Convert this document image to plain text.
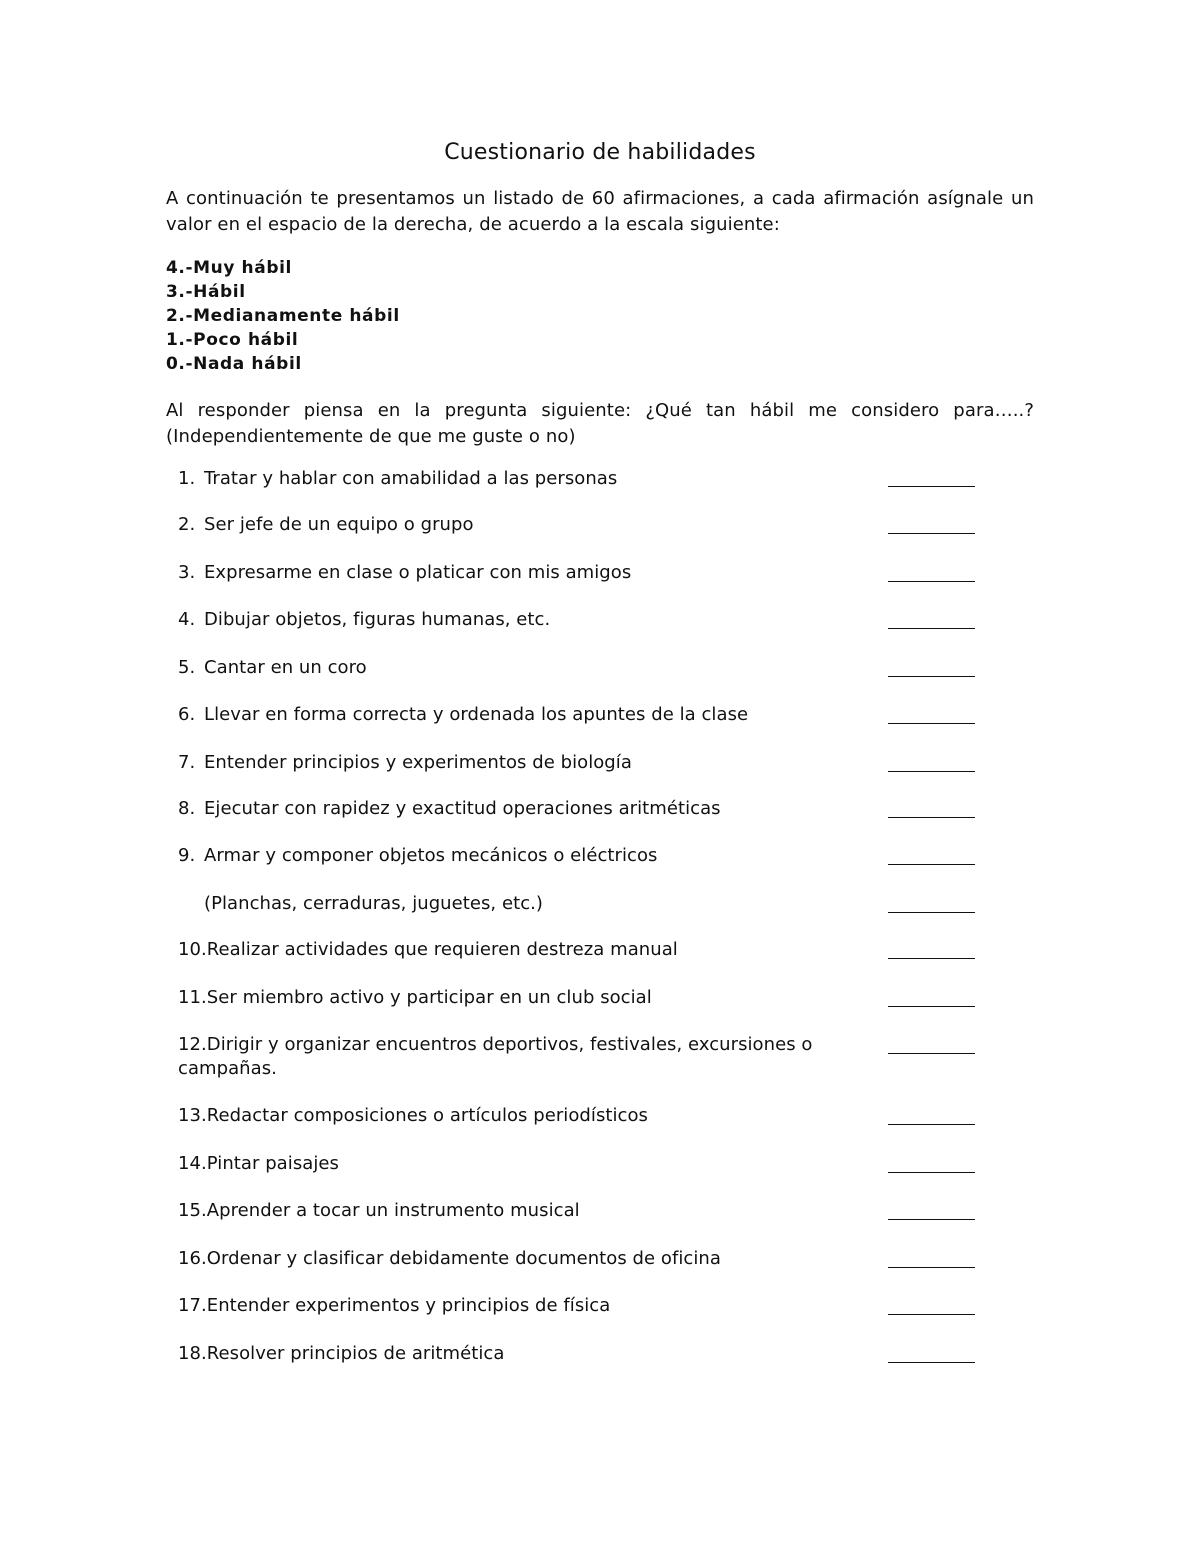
Cuestionario de habilidades
A continuación te presentamos un listado de 60 afirmaciones, a cada afirmación asígnale un valor en el espacio de la derecha, de acuerdo a la escala siguiente:
4.-Muy hábil
3.-Hábil
2.-Medianamente hábil
1.-Poco hábil
0.-Nada hábil
Al responder piensa en la pregunta siguiente: ¿Qué tan hábil me considero para…..? (Independientemente de que me guste o no)
1. Tratar y hablar con amabilidad a las personas
2. Ser jefe de un equipo o grupo
3. Expresarme en clase o platicar con mis amigos
4. Dibujar objetos, figuras humanas, etc.
5. Cantar en un coro
6. Llevar en forma correcta y ordenada los apuntes de la clase
7. Entender principios y experimentos de biología
8. Ejecutar con rapidez y exactitud operaciones aritméticas
9. Armar y componer objetos mecánicos o eléctricos
(Planchas, cerraduras, juguetes, etc.)
10.Realizar actividades que requieren destreza manual
11.Ser miembro activo y participar en un club social
12.Dirigir y organizar encuentros deportivos, festivales, excursiones o campañas.
13.Redactar composiciones o artículos periodísticos
14.Pintar paisajes
15.Aprender a tocar un instrumento musical
16.Ordenar y clasificar debidamente documentos de oficina
17.Entender experimentos y principios de física
18.Resolver principios de aritmética
